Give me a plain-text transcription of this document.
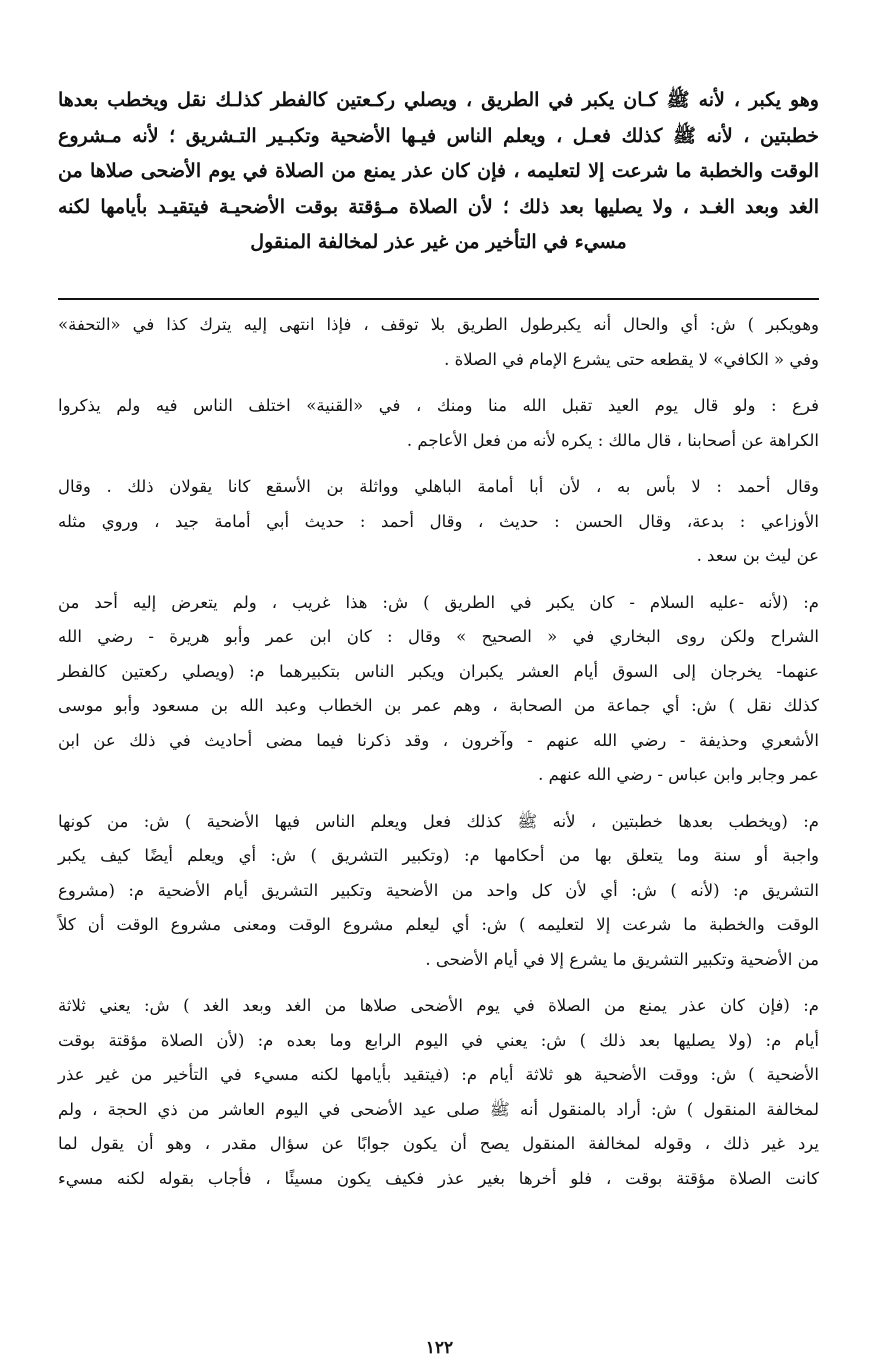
وهو يكبر ، لأنه ﷺ كـان يكبر في الطريق ، ويصلي ركـعتين كالفطر كذلـك نقل ويخطب بعدها
خطبتين ، لأنه ﷺ كذلك فعـل ، ويعلم الناس فيـها الأضحية وتكبـير التـشريق ؛ لأنه مـشروع
الوقت والخطبة ما شرعت إلا لتعليمه ، فإن كان عذر يمنع من الصلاة في يوم الأضحى صلاها من
الغد وبعد الغـد ، ولا يصليها بعد ذلك ؛ لأن الصلاة مـؤقتة بوقت الأضحيـة فيتقيـد بأيامها لكنه
مسيء في التأخير من غير عذر لمخالفة المنقول

وهويكبر ) ش: أي والحال أنه يكبرطول الطريق بلا توقف ، فإذا انتهى إليه يترك كذا في «التحفة»
وفي « الكافي» لا يقطعه حتى يشرع الإمام في الصلاة .

فرع : ولو قال يوم العيد تقبل الله منا ومنك ، في «القنية» اختلف الناس فيه ولم يذكروا
الكراهة عن أصحابنا ، قال مالك : يكره لأنه من فعل الأعاجم .

وقال أحمد : لا بأس به ، لأن أبا أمامة الباهلي وواثلة بن الأسقع كانا يقولان ذلك . وقال
الأوزاعي : بدعة، وقال الحسن : حديث ، وقال أحمد : حديث أبي أمامة جيد ، وروي مثله
عن ليث بن سعد .

م: (لأنه -عليه السلام - كان يكبر في الطريق ) ش: هذا غريب ، ولم يتعرض إليه أحد من
الشراح ولكن روى البخاري في « الصحيح » وقال : كان ابن عمر وأبو هريرة - رضي الله
عنهما- يخرجان إلى السوق أيام العشر يكبران ويكبر الناس بتكبيرهما م: (ويصلي ركعتين كالفطر
كذلك نقل ) ش: أي جماعة من الصحابة ، وهم عمر بن الخطاب وعبد الله بن مسعود وأبو موسى
الأشعري وحذيفة - رضي الله عنهم - وآخرون ، وقد ذكرنا فيما مضى أحاديث في ذلك عن ابن
عمر وجابر وابن عباس - رضي الله عنهم .

م: (ويخطب بعدها خطبتين ، لأنه ﷺ كذلك فعل ويعلم الناس فيها الأضحية ) ش: من كونها
واجبة أو سنة وما يتعلق بها من أحكامها م: (وتكبير التشريق ) ش: أي ويعلم أيضًا كيف يكبر
التشريق م: (لأنه ) ش: أي لأن كل واحد من الأضحية وتكبير التشريق أيام الأضحية م: (مشروع
الوقت والخطبة ما شرعت إلا لتعليمه ) ش: أي ليعلم مشروع الوقت ومعنى مشروع الوقت أن كلاً
من الأضحية وتكبير التشريق ما يشرع إلا في أيام الأضحى .

م: (فإن كان عذر يمنع من الصلاة في يوم الأضحى صلاها من الغد وبعد الغد ) ش: يعني ثلاثة
أيام م: (ولا يصليها بعد ذلك ) ش: يعني في اليوم الرابع وما بعده م: (لأن الصلاة مؤقتة بوقت
الأضحية ) ش: ووقت الأضحية هو ثلاثة أيام م: (فيتقيد بأيامها لكنه مسيء في التأخير من غير عذر
لمخالفة المنقول ) ش: أراد بالمنقول أنه ﷺ صلى عيد الأضحى في اليوم العاشر من ذي الحجة ، ولم
يرد غير ذلك ، وقوله لمخالفة المنقول يصح أن يكون جوابًا عن سؤال مقدر ، وهو أن يقول لما
كانت الصلاة مؤقتة بوقت ، فلو أخرها بغير عذر فكيف يكون مسيئًا ، فأجاب بقوله لكنه مسيء

١٢٢
